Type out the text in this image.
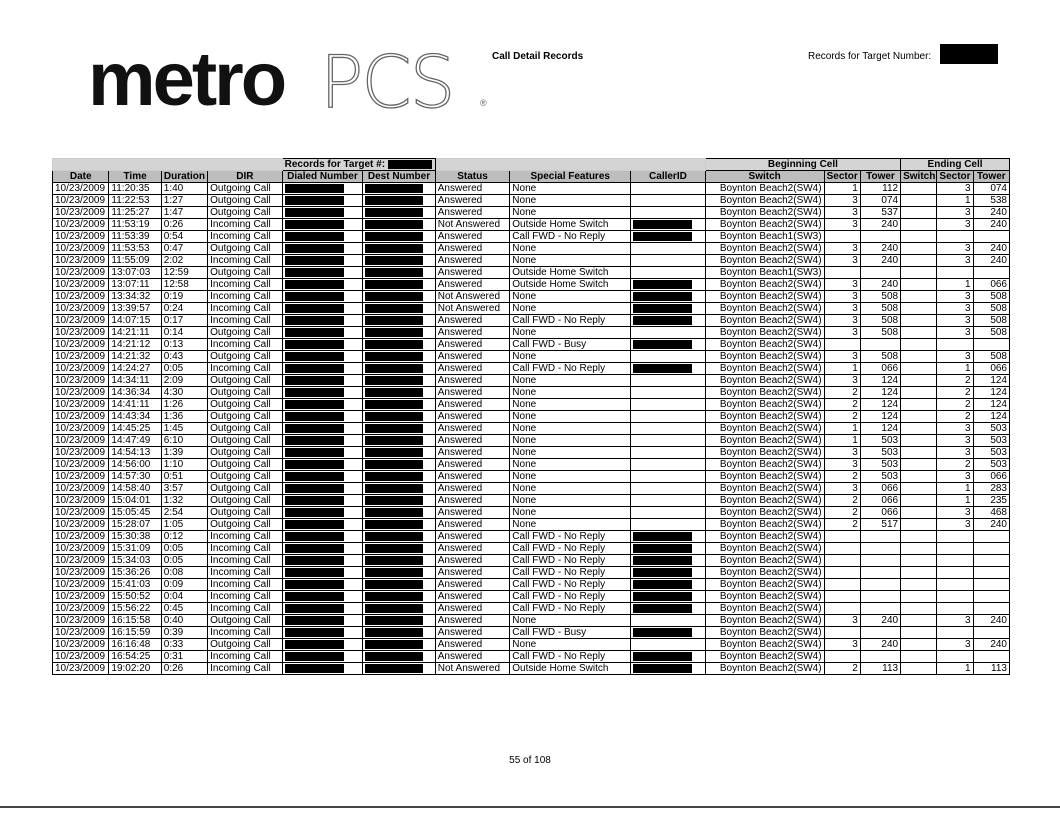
metro PCS	®
Call Detail Records	Records for Target Number:
				Records for Target #:					Beginning Cell			Ending Cell		
Date	Time	Duration	DIR	Dialed Number	Dest Number	Status	Special Features	CallerID	Switch	Sector	Tower	Switch	Sector	Tower
10/23/2009	11:20:35	1:40	Outgoing Call			Answered	None		Boynton Beach2(SW4)	1	112		3	074
10/23/2009	11:22:53	1:27	Outgoing Call			Answered	None		Boynton Beach2(SW4)	3	074		1	538
10/23/2009	11:25:27	1:47	Outgoing Call			Answered	None		Boynton Beach2(SW4)	3	537		3	240
10/23/2009	11:53:19	0:26	Incoming Call			Not Answered	Outside Home Switch		Boynton Beach2(SW4)	3	240		3	240
10/23/2009	11:53:39	0:54	Incoming Call			Answered	Call FWD - No Reply		Boynton Beach1(SW3)					
10/23/2009	11:53:53	0:47	Outgoing Call			Answered	None		Boynton Beach2(SW4)	3	240		3	240
10/23/2009	11:55:09	2:02	Incoming Call			Answered	None		Boynton Beach2(SW4)	3	240		3	240
10/23/2009	13:07:03	12:59	Outgoing Call			Answered	Outside Home Switch		Boynton Beach1(SW3)					
10/23/2009	13:07:11	12:58	Incoming Call			Answered	Outside Home Switch		Boynton Beach2(SW4)	3	240		1	066
10/23/2009	13:34:32	0:19	Incoming Call			Not Answered	None		Boynton Beach2(SW4)	3	508		3	508
10/23/2009	13:39:57	0:24	Incoming Call			Not Answered	None		Boynton Beach2(SW4)	3	508		3	508
10/23/2009	14:07:15	0:17	Incoming Call			Answered	Call FWD - No Reply		Boynton Beach2(SW4)	3	508		3	508
10/23/2009	14:21:11	0:14	Outgoing Call			Answered	None		Boynton Beach2(SW4)	3	508		3	508
10/23/2009	14:21:12	0:13	Incoming Call			Answered	Call FWD - Busy		Boynton Beach2(SW4)					
10/23/2009	14:21:32	0:43	Outgoing Call			Answered	None		Boynton Beach2(SW4)	3	508		3	508
10/23/2009	14:24:27	0:05	Incoming Call			Answered	Call FWD - No Reply		Boynton Beach2(SW4)	1	066		1	066
10/23/2009	14:34:11	2:09	Outgoing Call			Answered	None		Boynton Beach2(SW4)	3	124		2	124
10/23/2009	14:36:34	4:30	Outgoing Call			Answered	None		Boynton Beach2(SW4)	2	124		2	124
10/23/2009	14:41:11	1:26	Outgoing Call			Answered	None		Boynton Beach2(SW4)	2	124		2	124
10/23/2009	14:43:34	1:36	Outgoing Call			Answered	None		Boynton Beach2(SW4)	2	124		2	124
10/23/2009	14:45:25	1:45	Outgoing Call			Answered	None		Boynton Beach2(SW4)	1	124		3	503
10/23/2009	14:47:49	6:10	Outgoing Call			Answered	None		Boynton Beach2(SW4)	1	503		3	503
10/23/2009	14:54:13	1:39	Outgoing Call			Answered	None		Boynton Beach2(SW4)	3	503		3	503
10/23/2009	14:56:00	1:10	Outgoing Call			Answered	None		Boynton Beach2(SW4)	3	503		2	503
10/23/2009	14:57:30	0:51	Outgoing Call			Answered	None		Boynton Beach2(SW4)	2	503		3	066
10/23/2009	14:58:40	3:57	Outgoing Call			Answered	None		Boynton Beach2(SW4)	3	066		1	283
10/23/2009	15:04:01	1:32	Outgoing Call			Answered	None		Boynton Beach2(SW4)	2	066		1	235
10/23/2009	15:05:45	2:54	Outgoing Call			Answered	None		Boynton Beach2(SW4)	2	066		3	468
10/23/2009	15:28:07	1:05	Outgoing Call			Answered	None		Boynton Beach2(SW4)	2	517		3	240
10/23/2009	15:30:38	0:12	Incoming Call			Answered	Call FWD - No Reply		Boynton Beach2(SW4)					
10/23/2009	15:31:09	0:05	Incoming Call			Answered	Call FWD - No Reply		Boynton Beach2(SW4)					
10/23/2009	15:34:03	0:05	Incoming Call			Answered	Call FWD - No Reply		Boynton Beach2(SW4)					
10/23/2009	15:36:26	0:08	Incoming Call			Answered	Call FWD - No Reply		Boynton Beach2(SW4)					
10/23/2009	15:41:03	0:09	Incoming Call			Answered	Call FWD - No Reply		Boynton Beach2(SW4)					
10/23/2009	15:50:52	0:04	Incoming Call			Answered	Call FWD - No Reply		Boynton Beach2(SW4)					
10/23/2009	15:56:22	0:45	Incoming Call			Answered	Call FWD - No Reply		Boynton Beach2(SW4)					
10/23/2009	16:15:58	0:40	Outgoing Call			Answered	None		Boynton Beach2(SW4)	3	240		3	240
10/23/2009	16:15:59	0:39	Incoming Call			Answered	Call FWD - Busy		Boynton Beach2(SW4)					
10/23/2009	16:16:48	0:33	Outgoing Call			Answered	None		Boynton Beach2(SW4)	3	240		3	240
10/23/2009	16:54:25	0:31	Incoming Call			Answered	Call FWD - No Reply		Boynton Beach2(SW4)					
10/23/2009	19:02:20	0:26	Incoming Call			Not Answered	Outside Home Switch		Boynton Beach2(SW4)	2	113		1	113
55 of 108
